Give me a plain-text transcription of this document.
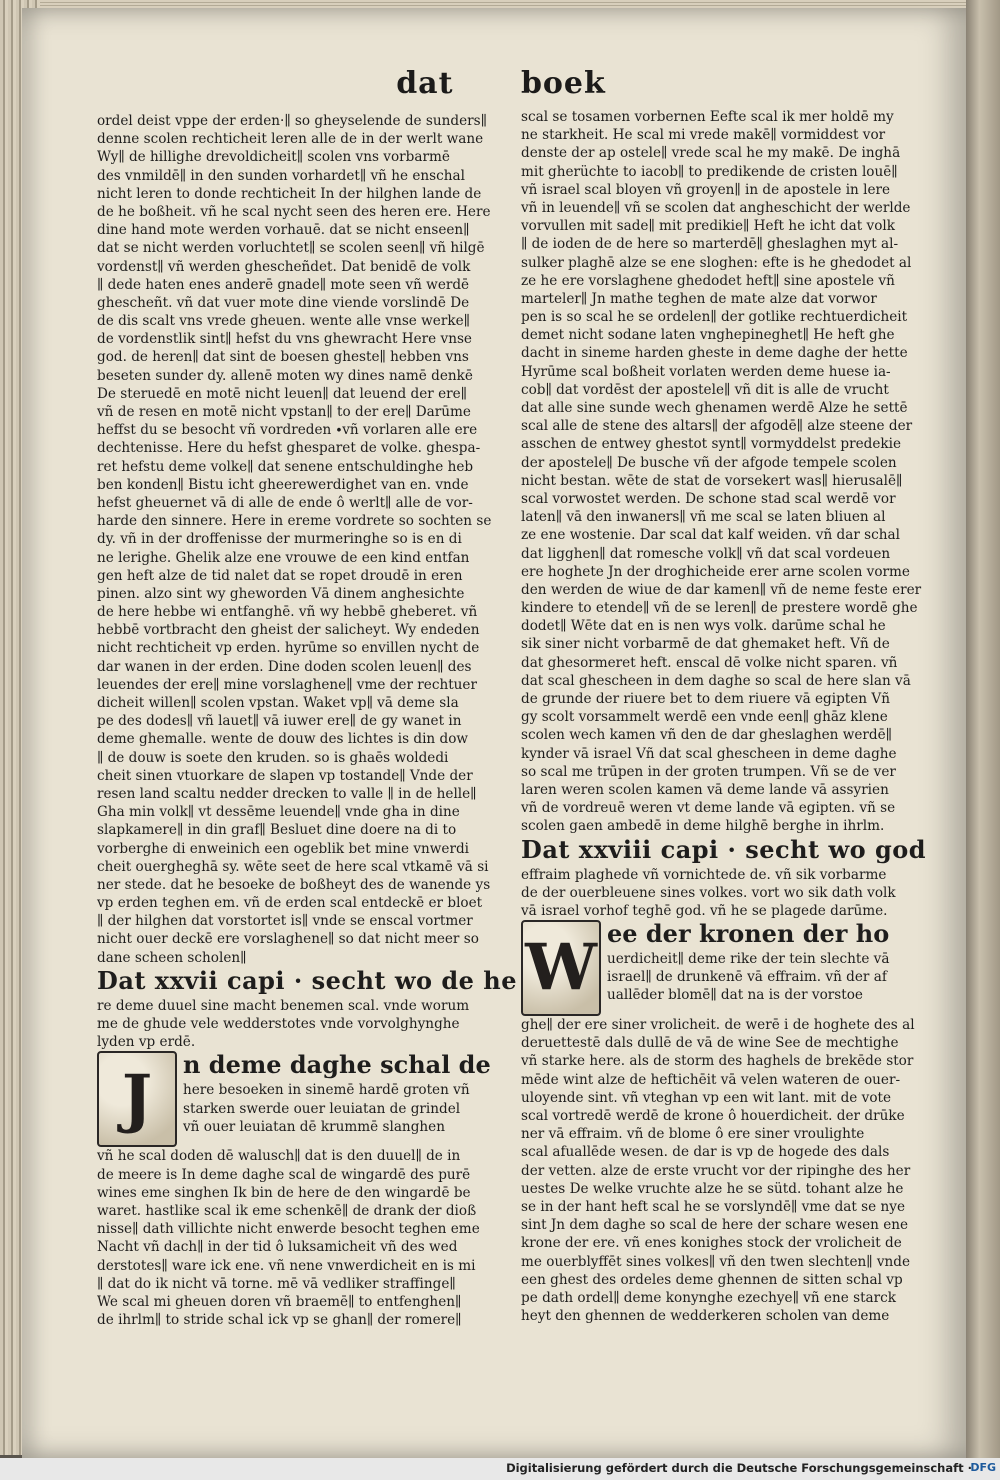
dat boek
ordel deist vppe der erden·∥ so gheyselende de sunders∥
denne scolen rechticheit leren alle de in der werlt wane
Wy∥ de hillighe drevoldicheit∥ scolen vns vorbarmē
des vnmildē∥ in den sunden vorhardet∥ vñ he enschal
nicht leren to donde rechticheit In der hilghen lande de
de he boßheit. vñ he scal nycht seen des heren ere. Here
dine hand mote werden vorhauē. dat se nicht enseen∥
dat se nicht werden vorluchtet∥ se scolen seen∥ vñ hilgē
vordenst∥ vñ werden ghescheñdet. Dat benidē de volk
∥ dede haten enes anderē gnade∥ mote seen vñ werdē
ghescheñt. vñ dat vuer mote dine viende vorslindē De
de dis scalt vns vrede gheuen. wente alle vnse werke∥
de vordenstlik sint∥ hefst du vns ghewracht Here vnse
god. de heren∥ dat sint de boesen gheste∥ hebben vns
beseten sunder dy. allenē moten wy dines namē denkē
De steruedē en motē nicht leuen∥ dat leuend der ere∥
vñ de resen en motē nicht vpstan∥ to der ere∥ Darūme
heffst du se besocht vñ vordreden ∙vñ vorlaren alle ere
dechtenisse. Here du hefst ghesparet de volke. ghespa-
ret hefstu deme volke∥ dat senene entschuldinghe heb
ben konden∥ Bistu icht gheerewerdighet van en. vnde
hefst gheuernet vā di alle de ende ô werlt∥ alle de vor-
harde den sinnere. Here in ereme vordrete so sochten se
dy. vñ in der droffenisse der murmeringhe so is en di
ne lerighe. Ghelik alze ene vrouwe de een kind entfan
gen heft alze de tid nalet dat se ropet droudē in eren
pinen. alzo sint wy gheworden Vā dinem anghesichte
de here hebbe wi entfanghē. vñ wy hebbē gheberet. vñ
hebbē vortbracht den gheist der salicheyt. Wy endeden
nicht rechticheit vp erden. hyrūme so envillen nycht de
dar wanen in der erden. Dine doden scolen leuen∥ des
leuendes der ere∥ mine vorslaghene∥ vme der rechtuer
dicheit willen∥ scolen vpstan. Waket vp∥ vā deme sla
pe des dodes∥ vñ lauet∥ vā iuwer ere∥ de gy wanet in
deme ghemalle. wente de douw des lichtes is din dow
∥ de douw is soete den kruden. so is ghaēs woldedi
cheit sinen vtuorkare de slapen vp tostande∥ Vnde der
resen land scaltu nedder drecken to valle ∥ in de helle∥
Gha min volk∥ vt dessēme leuende∥ vnde gha in dine
slapkamere∥ in din graf∥ Besluet dine doere na di to
vorberghe di enweinich een ogeblik bet mine vnwerdi
cheit ouergheghā sy. wēte seet de here scal vtkamē vā si
ner stede. dat he besoeke de boßheyt des de wanende ys
vp erden teghen em. vñ de erden scal entdeckē er bloet
∥ der hilghen dat vorstortet is∥ vnde se enscal vortmer
nicht ouer deckē ere vorslaghene∥ so dat nicht meer so
dane scheen scholen∥
Dat xxvii capi · secht wo de he
re deme duuel sine macht benemen scal. vnde worum
me de ghude vele wedderstotes vnde vorvolghynghe
lyden vp erdē.
J	n deme daghe schal de
here besoeken in sinemē hardē groten vñ
starken swerde ouer leuiatan de grindel
vñ ouer leuiatan dē krummē slanghen
vñ he scal doden dē walusch∥ dat is den duuel∥ de in
de meere is In deme daghe scal de wingardē des purē
wines eme singhen Ik bin de here de den wingardē be
waret. hastlike scal ik eme schenkē∥ de drank der dioß
nisse∥ dath villichte nicht enwerde besocht teghen eme
Nacht vñ dach∥ in der tid ô luksamicheit vñ des wed
derstotes∥ ware ick ene. vñ nene vnwerdicheit en is mi
∥ dat do ik nicht vā torne. mē vā vedliker straffinge∥
We scal mi gheuen doren vñ braemē∥ to entfenghen∥
de ihrlm∥ to stride schal ick vp se ghan∥ der romere∥
scal se tosamen vorbernen Eefte scal ik mer holdē my
ne starkheit. He scal mi vrede makē∥ vormiddest vor
denste der ap ostele∥ vrede scal he my makē. De inghā
mit gherüchte to iacob∥ to predikende de cristen louē∥
vñ israel scal bloyen vñ groyen∥ in de apostele in lere
vñ in leuende∥ vñ se scolen dat angheschicht der werlde
vorvullen mit sade∥ mit predikie∥ Heft he icht dat volk
∥ de ioden de de here so marterdē∥ gheslaghen myt al-
sulker plaghē alze se ene sloghen: efte is he ghedodet al
ze he ere vorslaghene ghedodet heft∥ sine apostele vñ
marteler∥ Jn mathe teghen de mate alze dat vorwor
pen is so scal he se ordelen∥ der gotlike rechtuerdicheit
demet nicht sodane laten vnghepineghet∥ He heft ghe
dacht in sineme harden gheste in deme daghe der hette
Hyrūme scal boßheit vorlaten werden deme huese ia-
cob∥ dat vordēst der apostele∥ vñ dit is alle de vrucht
dat alle sine sunde wech ghenamen werdē Alze he settē
scal alle de stene des altars∥ der afgodē∥ alze steene der
asschen de entwey ghestot synt∥ vormyddelst predekie
der apostele∥ De busche vñ der afgode tempele scolen
nicht bestan. wēte de stat de vorsekert was∥ hierusalē∥
scal vorwostet werden. De schone stad scal werdē vor
laten∥ vā den inwaners∥ vñ me scal se laten bliuen al
ze ene wostenie. Dar scal dat kalf weiden. vñ dar schal
dat ligghen∥ dat romesche volk∥ vñ dat scal vordeuen
ere hoghete Jn der droghicheide erer arne scolen vorme
den werden de wiue de dar kamen∥ vñ de neme feste erer
kindere to etende∥ vñ de se leren∥ de prestere wordē ghe
dodet∥ Wēte dat en is nen wys volk. darūme schal he
sik siner nicht vorbarmē de dat ghemaket heft. Vñ de
dat ghesormeret heft. enscal dē volke nicht sparen. vñ
dat scal ghescheen in dem daghe so scal de here slan vā
de grunde der riuere bet to dem riuere vā egipten Vñ
gy scolt vorsammelt werdē een vnde een∥ ghāz klene
scolen wech kamen vñ den de dar gheslaghen werdē∥
kynder vā israel Vñ dat scal ghescheen in deme daghe
so scal me trūpen in der groten trumpen. Vñ se de ver
laren weren scolen kamen vā deme lande vā assyrien
vñ de vordreuē weren vt deme lande vā egipten. vñ se
scolen gaen ambedē in deme hilghē berghe in ihrlm.
Dat xxviii capi · secht wo god
effraim plaghede vñ vornichtede de. vñ sik vorbarme
de der ouerbleuene sines volkes. vort wo sik dath volk
vā israel vorhof teghē god. vñ he se plagede darūme.
W ee der kronen der ho
uerdicheit∥ deme rike der tein slechte vā
israel∥ de drunkenē vā effraim. vñ der af
uallēder blomē∥ dat na is der vorstoe
ghe∥ der ere siner vrolicheit. de werē i de hoghete des al
deruettestē dals dullē de vā de wine See de mechtighe
vñ starke here. als de storm des haghels de brekēde stor
mēde wint alze de heftichēit vā velen wateren de ouer-
uloyende sint. vñ vteghan vp een wit lant. mit de vote
scal vortredē werdē de krone ô houerdicheit. der drūke
ner vā effraim. vñ de blome ô ere siner vroulighte
scal afuallēde wesen. de dar is vp de hogede des dals
der vetten. alze de erste vrucht vor der ripinghe des her
uestes De welke vruchte alze he se sütd. tohant alze he
se in der hant heft scal he se vorslyndē∥ vme dat se nye
sint Jn dem daghe so scal de here der schare wesen ene
krone der ere. vñ enes konighes stock der vrolicheit de
me ouerblyffēt sines volkes∥ vñ den twen slechten∥ vnde
een ghest des ordeles deme ghennen de sitten schal vp
pe dath ordel∥ deme konynghe ezechye∥ vñ ene starck
heyt den ghennen de wedderkeren scholen van deme
Digitalisierung gefördert durch die Deutsche Forschungsgemeinschaft ·
DFG
